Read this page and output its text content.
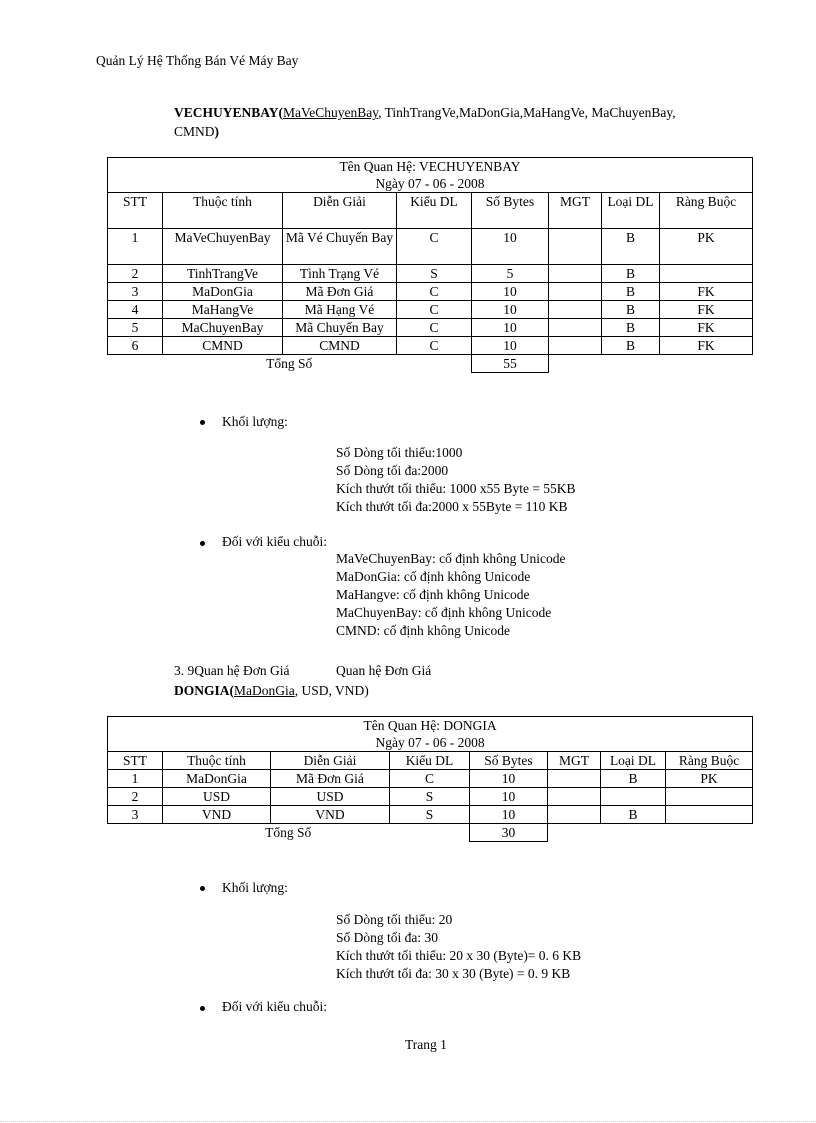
Quản Lý Hệ Thống Bán Vé Máy Bay
VECHUYENBAY(MaVeChuyenBay, TinhTrangVe,MaDonGia,MaHangVe, MaChuyenBay,
CMND)
Tên Quan Hệ: VECHUYENBAY
Ngày 07 - 06 - 2008							

STT	Thuộc tính	Diễn Giải	Kiểu DL	Số Bytes	MGT	Loại DL	Ràng Buộc
1	MaVeChuyenBay	Mã Vé Chuyến Bay	C	10		B	PK
2	TinhTrangVe	Tình Trạng Vé	S	5		B	
3	MaDonGia	Mã Đơn Giá	C	10		B	FK
4	MaHangVe	Mã Hạng Vé	C	10		B	FK
5	MaChuyenBay	Mã Chuyến Bay	C	10		B	FK
6	CMND	CMND	C	10		B	FK
Tổng Số				55			
Khối lượng:
Số Dòng tối thiểu:1000
Số Dòng tối đa:2000
Kích thướt tối thiểu: 1000 x55 Byte = 55KB
Kích thướt tối đa:2000 x 55Byte = 110 KB
Đối với kiểu chuỗi:
MaVeChuyenBay: cố định không Unicode
MaDonGia: cố định không Unicode
MaHangve: cố định không Unicode
MaChuyenBay: cố định không Unicode
CMND: cố định không Unicode
3. 9Quan hệ Đơn Giá	Quan hệ Đơn Giá
DONGIA(MaDonGia, USD, VND)
Tên Quan Hệ: DONGIA
Ngày 07 - 06 - 2008							

STT	Thuộc tính	Diễn Giải	Kiểu DL	Số Bytes	MGT	Loại DL	Ràng Buộc
1	MaDonGia	Mã Đơn Giá	C	10		B	PK
2	USD	USD	S	10			
3	VND	VND	S	10		B	
Tổng Số				30			
Khối lượng:
Số Dòng tối thiểu: 20
Số Dòng tối đa: 30
Kích thướt tối thiểu: 20 x 30 (Byte)= 0. 6 KB
Kích thướt tối đa: 30 x 30 (Byte) = 0. 9 KB
Đối với kiểu chuỗi:
Trang 1
